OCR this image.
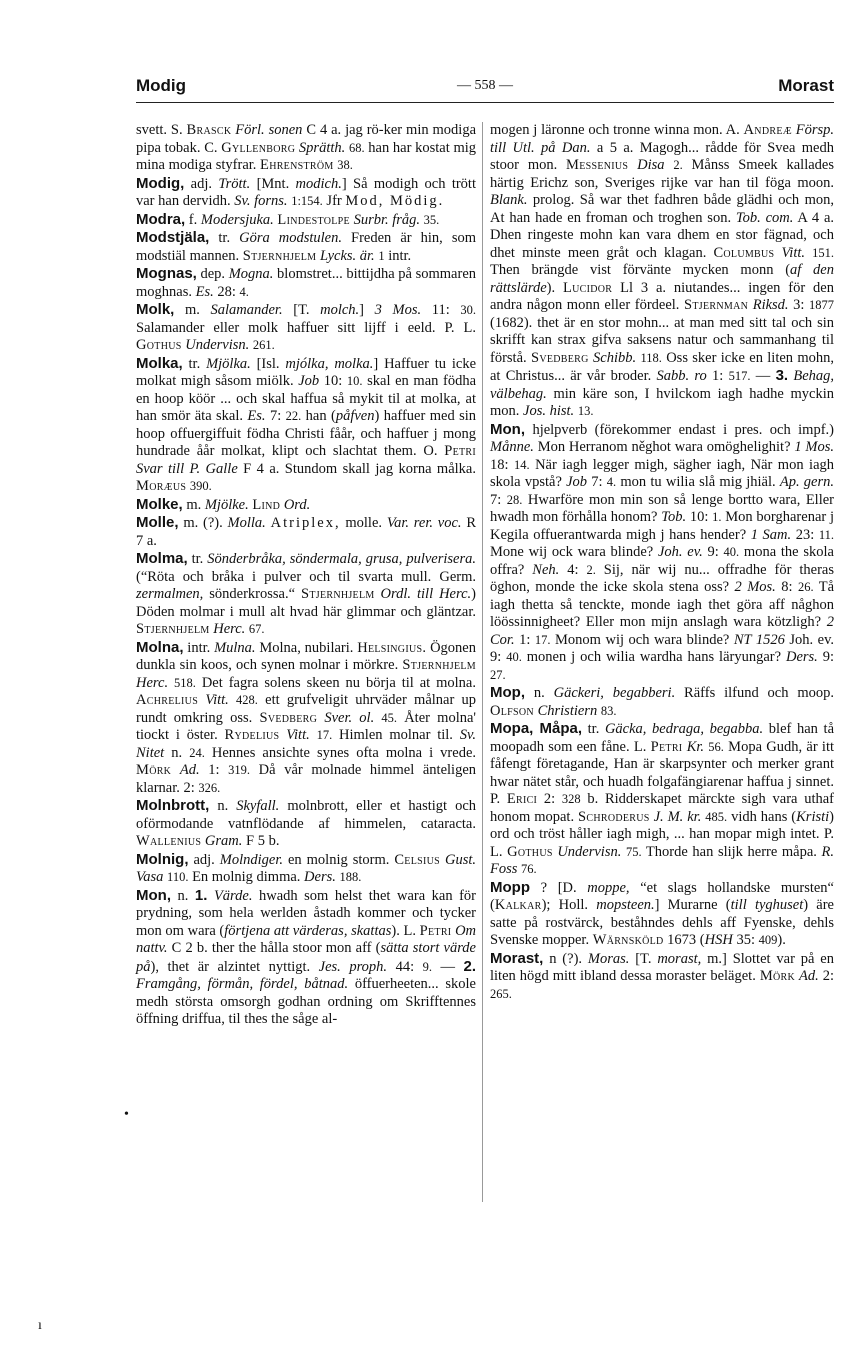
Modig	— 558 —	Morast

svett. S. Brasck Förl. sonen C 4 a. jag rö-ker min modiga pipa tobak. C. Gyllenborg Sprätth. 68. han har kostat mig mina modiga styfrar. Ehrenström 38.

Modig, adj. Trött. [Mnt. modich.] Så modigh och trött var han dervidh. Sv. forns. 1:154. Jfr Mod, Mödig.

Modra, f. Modersjuka. Lindestolpe Surbr. fråg. 35.

Modstjäla, tr. Göra modstulen. Freden är hin, som modstiäl mannen. Stjernhjelm Lycks. är. 1 intr.

Mognas, dep. Mogna. blomstret... bittijdha på sommaren moghnas. Es. 28: 4.

Molk, m. Salamander. [T. molch.] 3 Mos. 11: 30. Salamander eller molk haffuer sitt lijff i eeld. P. L. Gothus Undervisn. 261.

Molka, tr. Mjölka. [Isl. mjólka, molka.] Haffuer tu icke molkat migh såsom miölk. Job 10: 10. skal en man födha en hoop köör ... och skal haffua så mykit til at molka, at han smör äta skal. Es. 7: 22. han (påfven) haffuer med sin hoop offuergiffuit födha Christi fåår, och haffuer j mong hundrade åår molkat, klipt och slachtat them. O. Petri Svar till P. Galle F 4 a. Stundom skall jag korna målka. Moræus 390.

Molke, m. Mjölke. Lind Ord.

Molle, m. (?). Molla. Atriplex, molle. Var. rer. voc. R 7 a.

Molma, tr. Sönderbråka, söndermala, grusa, pulverisera. (“Röta och bråka i pulver och til svarta mull. Germ. zermalmen, sönderkrossa.“ Stjernhjelm Ordl. till Herc.) Döden molmar i mull alt hvad här glimmar och gläntzar. Stjernhjelm Herc. 67.

Molna, intr. Mulna. Molna, nubilari. Helsingius. Ögonen dunkla sin koos, och synen molnar i mörkre. Stjernhjelm Herc. 518. Det fagra solens skeen nu börja til at molna. Achrelius Vitt. 428. ett grufveligit uhrväder målnar up rundt omkring oss. Svedberg Sver. ol. 45. Åter molna' tiockt i öster. Rydelius Vitt. 17. Himlen molnar til. Sv. Nitet n. 24. Hennes ansichte synes ofta molna i vrede. Mörk Ad. 1: 319. Då vår molnade himmel änteligen klarnar. 2: 326.

Molnbrott, n. Skyfall. molnbrott, eller et hastigt och oförmodande vatnflödande af himmelen, cataracta. Wallenius Gram. F 5 b.

Molnig, adj. Molndiger. en molnig storm. Celsius Gust. Vasa 110. En molnig dimma. Ders. 188.

Mon, n. 1. Värde. hwadh som helst thet wara kan för prydning, som hela werlden åstadh kommer och tycker mon om wara (förtjena att värderas, skattas). L. Petri Om nattv. C 2 b. ther the hålla stoor mon aff (sätta stort värde på), thet är alzintet nyttigt. Jes. proph. 44: 9. — 2. Framgång, förmån, fördel, båtnad. öffuerheeten... skole medh största omsorgh godhan ordning om Skrifftennes öffning driffua, til thes the såge al-

mogen j läronne och tronne winna mon. A. Andreæ Försp. till Utl. på Dan. a 5 a. Magogh... rådde för Svea medh stoor mon. Messenius Disa 2. Månss Smeek kallades härtig Erichz son, Sveriges rijke var han til föga moon. Blank. prolog. Så war thet fadhren både glädhi och mon, At han hade en froman och troghen son. Tob. com. A 4 a. Dhen ringeste mohn kan vara dhem en stor fägnad, och dhet minste meen gråt och klagan. Columbus Vitt. 151. Then brängde vist förvänte mycken monn (af den rättslärde). Lucidor Ll 3 a. niutandes... ingen för den andra någon monn eller fördeel. Stjernman Riksd. 3: 1877 (1682). thet är en stor mohn... at man med sitt tal och sin skrifft kan strax gifva saksens natur och sammanhang til förstå. Svedberg Schibb. 118. Oss sker icke en liten mohn, at Christus... är vår broder. Sabb. ro 1: 517. — 3. Behag, välbehag. min käre son, I hvilckom iagh hadhe myckin mon. Jos. hist. 13.

Mon, hjelpverb (förekommer endast i pres. och impf.) Månne. Mon Herranom něghot wara omöghelighit? 1 Mos. 18: 14. När iagh legger migh, sägher iagh, När mon iagh skola vpstå? Job 7: 4. mon tu wilia slå mig jhiäl. Ap. gern. 7: 28. Hwarföre mon min son så lenge bortto wara, Eller hwadh mon förhålla honom? Tob. 10: 1. Mon borgharenar j Kegila offuerantwarda migh j hans hender? 1 Sam. 23: 11. Mone wij ock wara blinde? Joh. ev. 9: 40. mona the skola offra? Neh. 4: 2. Sij, när wij nu... offradhe för theras öghon, monde the icke skola stena oss? 2 Mos. 8: 26. Tå iagh thetta så tenckte, monde iagh thet göra aff någhon löössinnigheet? Eller mon mijn anslagh wara kötzligh? 2 Cor. 1: 17. Monom wij och wara blinde? NT 1526 Joh. ev. 9: 40. monen j och wilia wardha hans läryungar? Ders. 9: 27.

Mop, n. Gäckeri, begabberi. Räffs ilfund och moop. Olfson Christiern 83.

Mopa, Måpa, tr. Gäcka, bedraga, begabba. blef han tå moopadh som een fåne. L. Petri Kr. 56. Mopa Gudh, är itt fåfengt företagande, Han är skarpsynter och merker grant hwar nätet står, och huadh folgafängiarenar haffua j sinnet. P. Erici 2: 328 b. Ridderskapet märckte sigh vara uthaf honom mopat. Schroderus J. M. kr. 485. vidh hans (Kristi) ord och tröst håller iagh migh, ... han mopar migh intet. P. L. Gothus Undervisn. 75. Thorde han slijk herre måpa. R. Foss 76.

Mopp ? [D. moppe, “et slags hollandske mursten“ (Kalkar); Holl. mopsteen.] Murarne (till tyghuset) äre satte på rostvärck, beståhndes dehls aff Fyenske, dehls Svenske mopper. Wärnsköld 1673 (HSH 35: 409).

Morast, n (?). Moras. [T. morast, m.] Slottet var på en liten högd mitt ibland dessa moraster beläget. Mörk Ad. 2: 265.

•
ı
